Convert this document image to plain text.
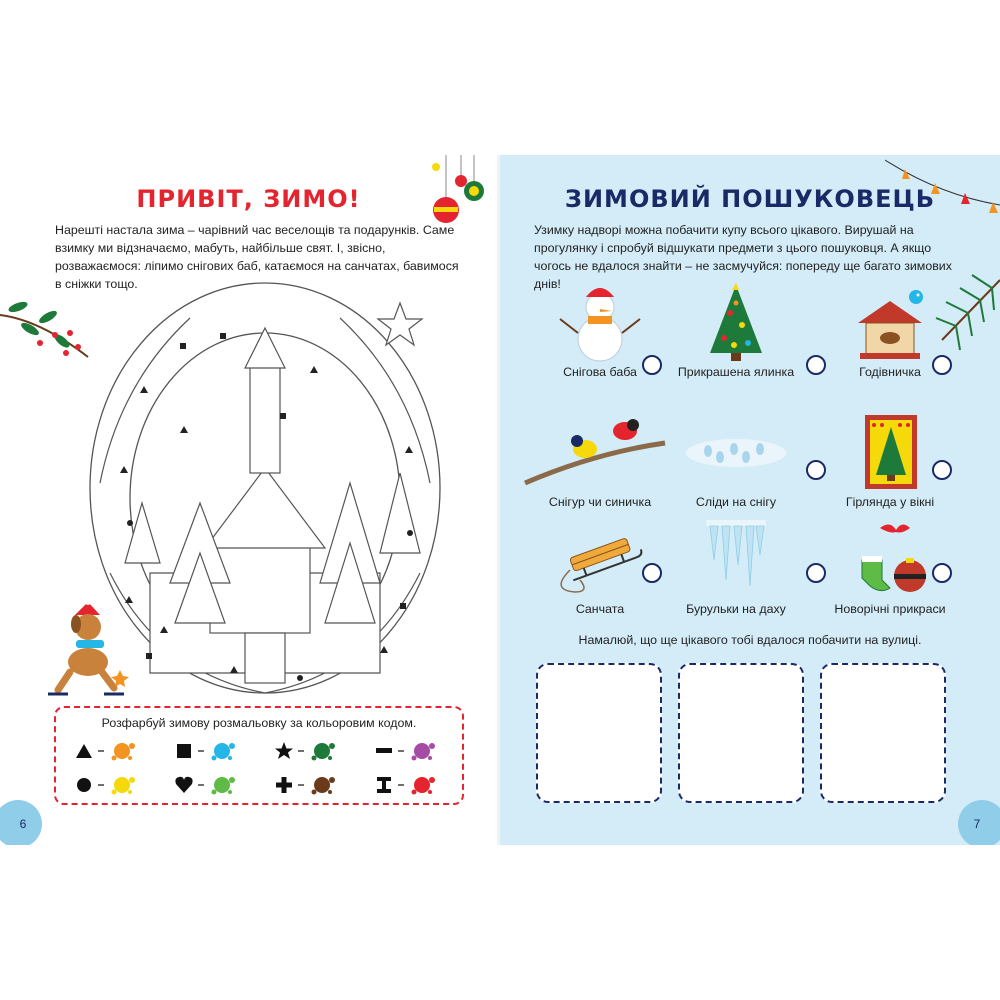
ПРИВІТ, ЗИМО!
Нарешті настала зима – чарівний час веселощів та подарунків. Саме взимку ми відзначаємо, мабуть, найбільше свят. І, звісно, розважаємося: ліпимо снігових баб, катаємося на санчатах, бавимося в сніжки тощо.
Розфарбуй зимову розмальовку за кольоровим кодом.
6
ЗИМОВИЙ ПОШУКОВЕЦЬ
Узимку надворі можна побачити купу всього цікавого. Вирушай на прогулянку і спробуй відшукати предмети з цього пошуковця. А якщо чогось не вдалося знайти – не засмучуйся: попереду ще багато зимових днів!
Снігова баба	Прикрашена ялинка	Годівничка
Снігур чи синичка	Сліди на снігу	Гірлянда у вікні
Санчата	Бурульки на даху	Новорічні прикраси
Намалюй, що ще цікавого тобі вдалося побачити на вулиці.
7
